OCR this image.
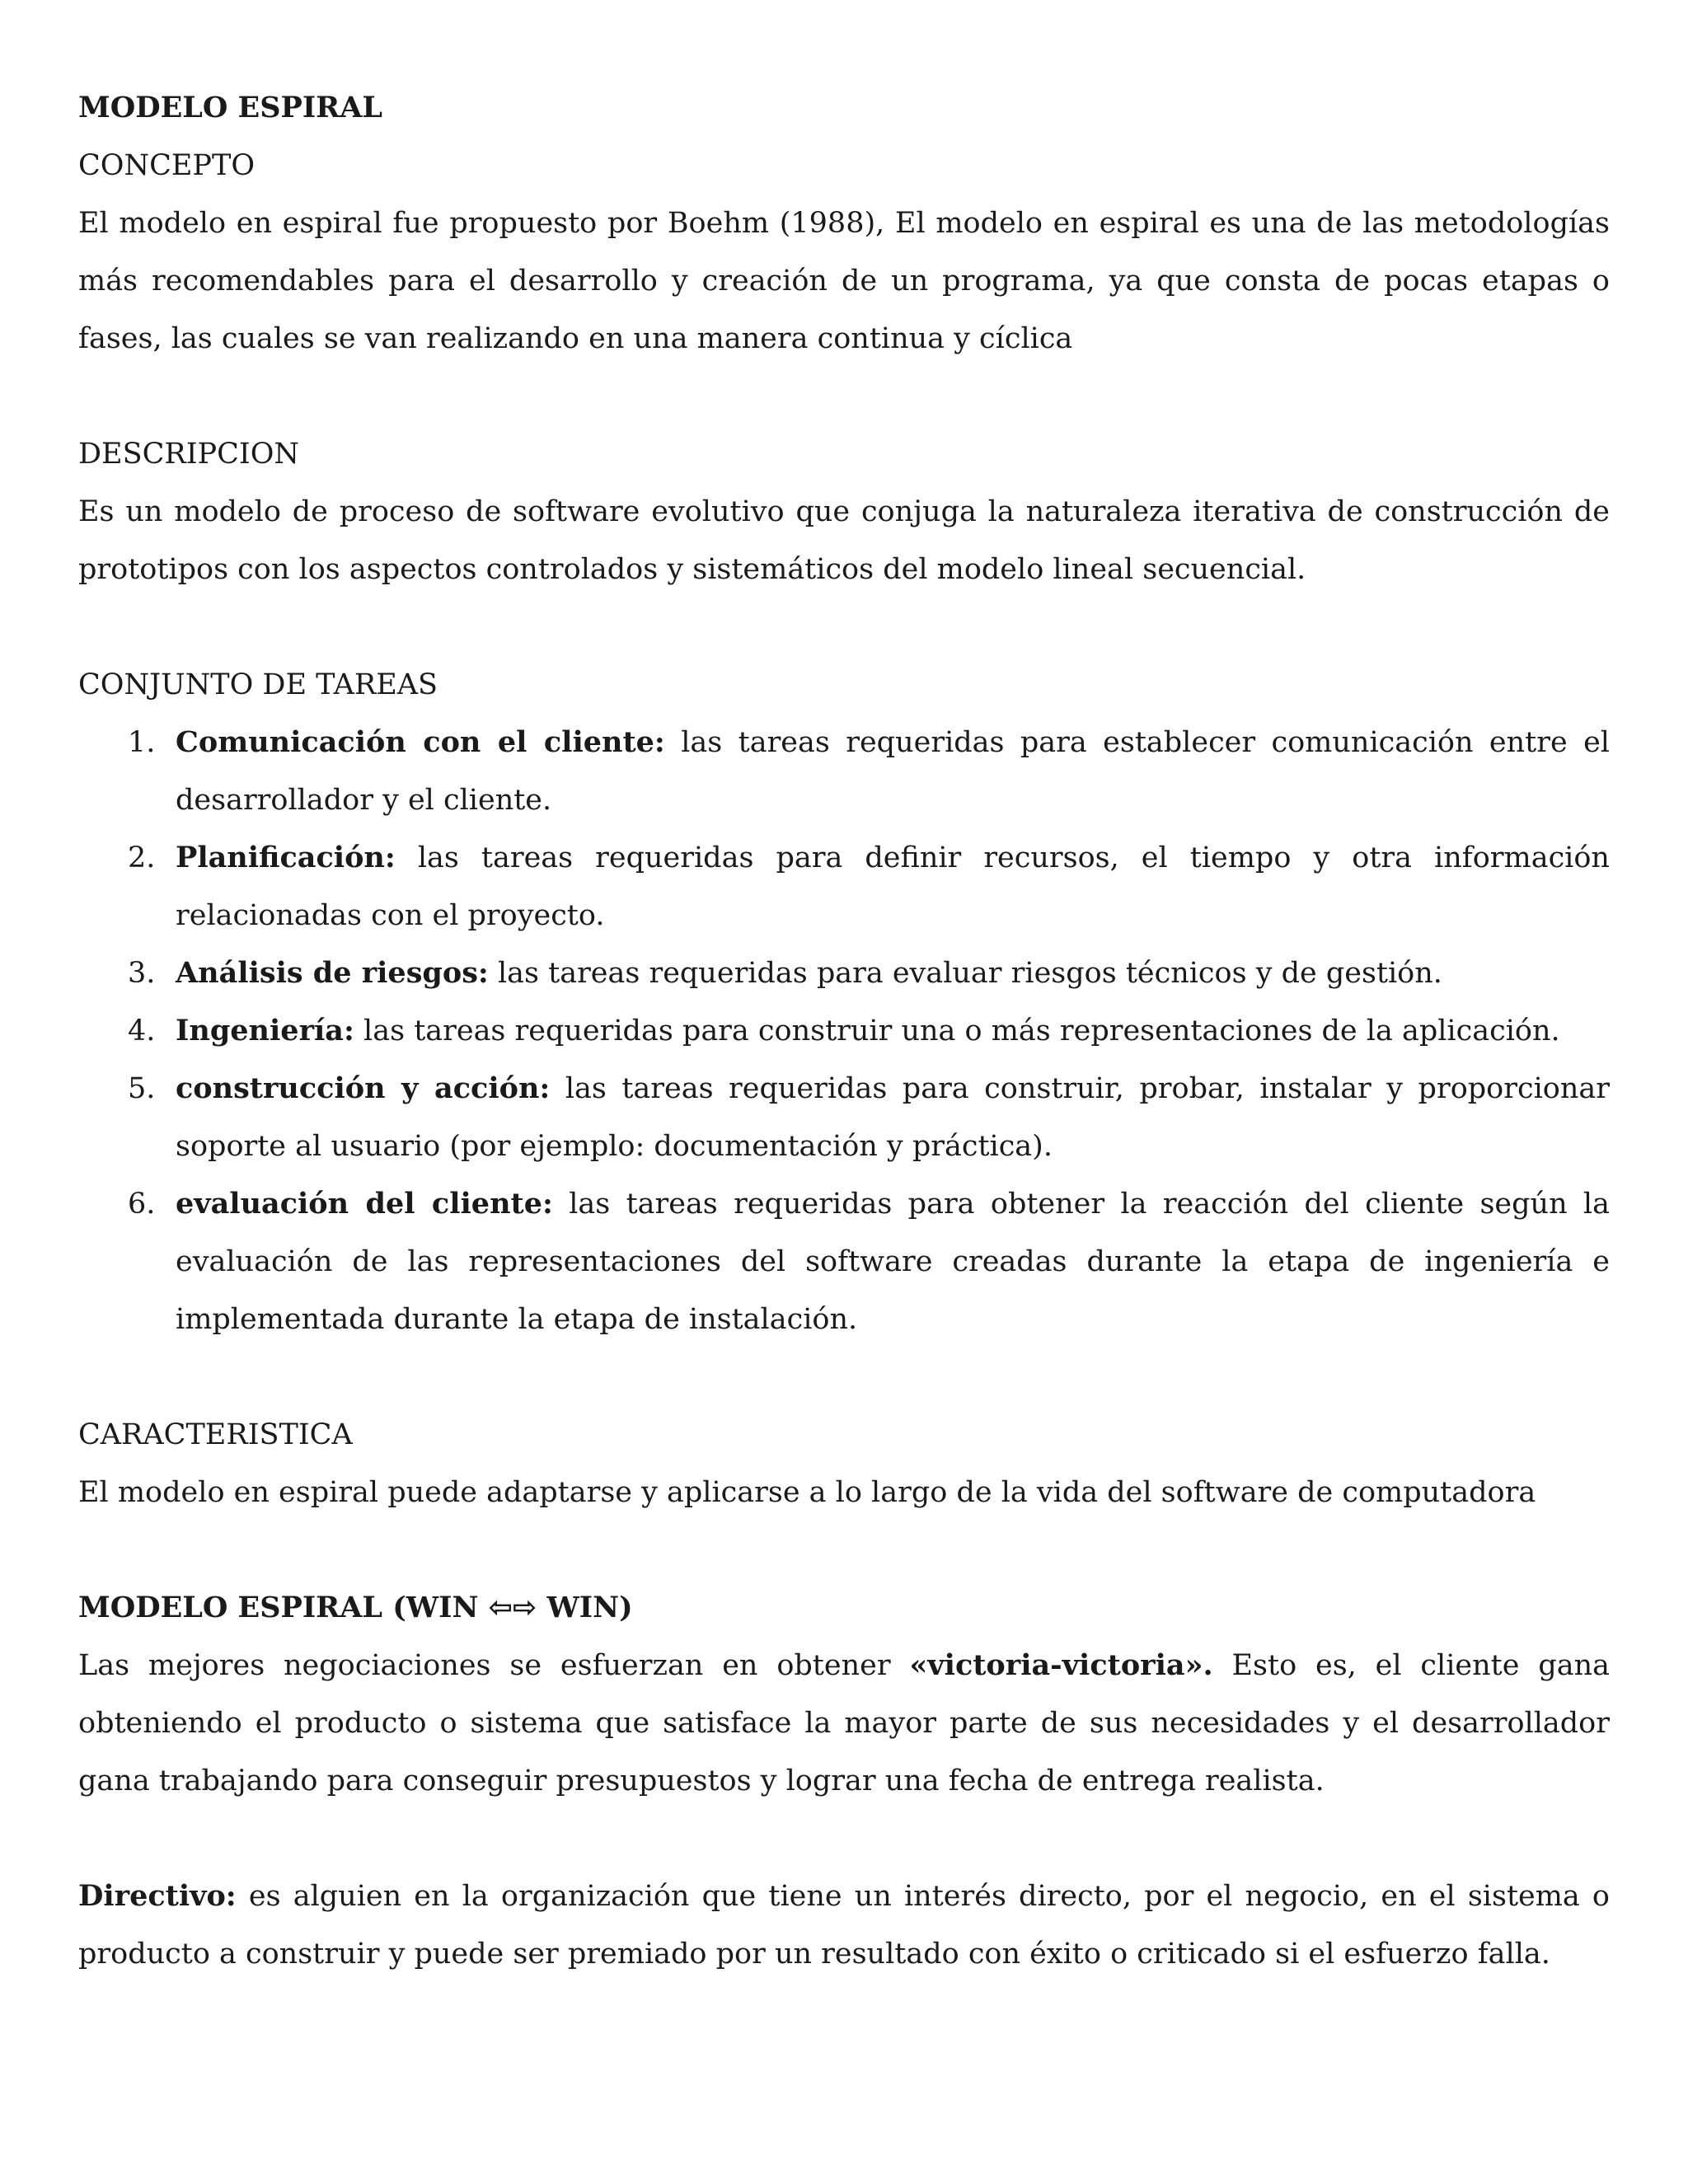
MODELO ESPIRAL

CONCEPTO

El modelo en espiral fue propuesto por Boehm (1988), El modelo en espiral es una de las metodologías más recomendables para el desarrollo y creación de un programa, ya que consta de pocas etapas o fases, las cuales se van realizando en una manera continua y cíclica

DESCRIPCION

Es un modelo de proceso de software evolutivo que conjuga la naturaleza iterativa de construcción de prototipos con los aspectos controlados y sistemáticos del modelo lineal secuencial.

CONJUNTO DE TAREAS

1. Comunicación con el cliente: las tareas requeridas para establecer comunicación entre el desarrollador y el cliente.
2. Planificación: las tareas requeridas para definir recursos, el tiempo y otra información relacionadas con el proyecto.
3. Análisis de riesgos: las tareas requeridas para evaluar riesgos técnicos y de gestión.
4. Ingeniería: las tareas requeridas para construir una o más representaciones de la aplicación.
5. construcción y acción: las tareas requeridas para construir, probar, instalar y proporcionar soporte al usuario (por ejemplo: documentación y práctica).
6. evaluación del cliente: las tareas requeridas para obtener la reacción del cliente según la evaluación de las representaciones del software creadas durante la etapa de ingeniería e implementada durante la etapa de instalación.

CARACTERISTICA

El modelo en espiral puede adaptarse y aplicarse a lo largo de la vida del software de computadora

MODELO ESPIRAL (WIN ⇦⇨ WIN)

Las mejores negociaciones se esfuerzan en obtener «victoria-victoria». Esto es, el cliente gana obteniendo el producto o sistema que satisface la mayor parte de sus necesidades y el desarrollador gana trabajando para conseguir presupuestos y lograr una fecha de entrega realista.

Directivo: es alguien en la organización que tiene un interés directo, por el negocio, en el sistema o producto a construir y puede ser premiado por un resultado con éxito o criticado si el esfuerzo falla.
